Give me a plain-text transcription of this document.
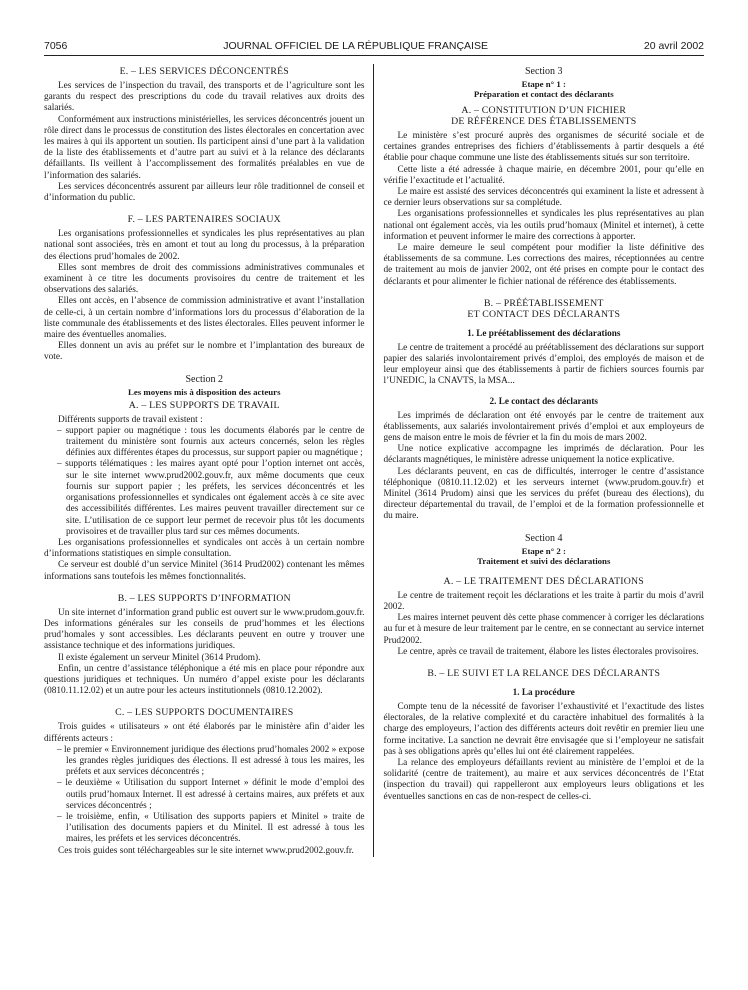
7056	JOURNAL OFFICIEL DE LA RÉPUBLIQUE FRANÇAISE	20 avril 2002
E. – LES SERVICES DÉCONCENTRÉS

Les services de l’inspection du travail, des transports et de l’agriculture sont les garants du respect des prescriptions du code du travail relatives aux droits des salariés.

Conformément aux instructions ministérielles, les services déconcentrés jouent un rôle direct dans le processus de constitution des listes électorales en concertation avec les maires à qui ils apportent un soutien. Ils participent ainsi d’une part à la validation de la liste des établissements et d’autre part au suivi et à la relance des déclarants défaillants. Ils veillent à l’accomplissement des formalités préalables en vue de l’information des salariés.

Les services déconcentrés assurent par ailleurs leur rôle traditionnel de conseil et d’information du public.

F. – LES PARTENAIRES SOCIAUX

Les organisations professionnelles et syndicales les plus représentatives au plan national sont associées, très en amont et tout au long du processus, à la préparation des élections prud’homales de 2002.

Elles sont membres de droit des commissions administratives communales et examinent à ce titre les documents provisoires du centre de traitement et les observations des salariés.

Elles ont accès, en l’absence de commission administrative et avant l’installation de celle-ci, à un certain nombre d’informations lors du processus d’élaboration de la liste communale des établissements et des listes électorales. Elles peuvent informer le maire des éventuelles anomalies.

Elles donnent un avis au préfet sur le nombre et l’implantation des bureaux de vote.

Section 2
Les moyens mis à disposition des acteurs
A. – LES SUPPORTS DE TRAVAIL

Différents supports de travail existent :

– support papier ou magnétique : tous les documents élaborés par le centre de traitement du ministère sont fournis aux acteurs concernés, selon les règles définies aux différentes étapes du processus, sur support papier ou magnétique ;
– supports télématiques : les maires ayant opté pour l’option internet ont accès, sur le site internet www.prud2002.gouv.fr, aux même documents que ceux fournis sur support papier ; les préfets, les services déconcentrés et les organisations professionnelles et syndicales ont également accès à ce site avec des accessibilités différentes. Les maires peuvent travailler directement sur ce site. L’utilisation de ce support leur permet de recevoir plus tôt les documents provisoires et de travailler plus tard sur ces mêmes documents.

Les organisations professionnelles et syndicales ont accès à un certain nombre d’informations statistiques en simple consultation.

Ce serveur est doublé d’un service Minitel (3614 Prud2002) contenant les mêmes informations sans toutefois les mêmes fonctionnalités.

B. – LES SUPPORTS D’INFORMATION

Un site internet d’information grand public est ouvert sur le www.prudom.gouv.fr. Des informations générales sur les conseils de prud’hommes et les élections prud’homales y sont accessibles. Les déclarants peuvent en outre y trouver une assistance technique et des informations juridiques.

Il existe également un serveur Minitel (3614 Prudom).

Enfin, un centre d’assistance téléphonique a été mis en place pour répondre aux questions juridiques et techniques. Un numéro d’appel existe pour les déclarants (0810.11.12.02) et un autre pour les acteurs institutionnels (0810.12.2002).

C. – LES SUPPORTS DOCUMENTAIRES

Trois guides « utilisateurs » ont été élaborés par le ministère afin d’aider les différents acteurs :

– le premier « Environnement juridique des élections prud’homales 2002 » expose les grandes règles juridiques des élections. Il est adressé à tous les maires, les préfets et aux services déconcentrés ;
– le deuxième « Utilisation du support Internet » définit le mode d’emploi des outils prud’homaux Internet. Il est adressé à certains maires, aux préfets et aux services déconcentrés ;
– le troisième, enfin, « Utilisation des supports papiers et Minitel » traite de l’utilisation des documents papiers et du Minitel. Il est adressé à tous les maires, les préfets et les services déconcentrés.

Ces trois guides sont téléchargeables sur le site internet www.prud2002.gouv.fr.

Section 3
Etape n° 1 :
Préparation et contact des déclarants
A. – CONSTITUTION D’UN FICHIER
DE RÉFÉRENCE DES ÉTABLISSEMENTS

Le ministère s’est procuré auprès des organismes de sécurité sociale et de certaines grandes entreprises des fichiers d’établissements à partir desquels a été établie pour chaque commune une liste des établissements situés sur son territoire.

Cette liste a été adressée à chaque mairie, en décembre 2001, pour qu’elle en vérifie l’exactitude et l’actualité.

Le maire est assisté des services déconcentrés qui examinent la liste et adressent à ce dernier leurs observations sur sa complétude.

Les organisations professionnelles et syndicales les plus représentatives au plan national ont également accès, via les outils prud’homaux (Minitel et internet), à cette information et peuvent informer le maire des corrections à apporter.

Le maire demeure le seul compétent pour modifier la liste définitive des établissements de sa commune. Les corrections des maires, réceptionnées au centre de traitement au mois de janvier 2002, ont été prises en compte pour le contact des déclarants et pour alimenter le fichier national de référence des établissements.

B. – PRÉÉTABLISSEMENT
ET CONTACT DES DÉCLARANTS
1. Le préétablissement des déclarations

Le centre de traitement a procédé au préétablissement des déclarations sur support papier des salariés involontairement privés d’emploi, des employés de maison et de leur employeur ainsi que des établissements à partir de fichiers sources fournis par l’UNEDIC, la CNAVTS, la MSA...

2. Le contact des déclarants

Les imprimés de déclaration ont été envoyés par le centre de traitement aux établissements, aux salariés involontairement privés d’emploi et aux employeurs de gens de maison entre le mois de février et la fin du mois de mars 2002.

Une notice explicative accompagne les imprimés de déclaration. Pour les déclarants magnétiques, le ministère adresse uniquement la notice explicative.

Les déclarants peuvent, en cas de difficultés, interroger le centre d’assistance téléphonique (0810.11.12.02) et les serveurs internet (www.prudom.gouv.fr) et Minitel (3614 Prudom) ainsi que les services du préfet (bureau des élections), du directeur départemental du travail, de l’emploi et de la formation professionnelle et du maire.

Section 4
Etape n° 2 :
Traitement et suivi des déclarations
A. – LE TRAITEMENT DES DÉCLARATIONS

Le centre de traitement reçoit les déclarations et les traite à partir du mois d’avril 2002.

Les maires internet peuvent dès cette phase commencer à corriger les déclarations au fur et à mesure de leur traitement par le centre, en se connectant au service internet Prud2002.

Le centre, après ce travail de traitement, élabore les listes électorales provisoires.

B. – LE SUIVI ET LA RELANCE DES DÉCLARANTS
1. La procédure

Compte tenu de la nécessité de favoriser l’exhaustivité et l’exactitude des listes électorales, de la relative complexité et du caractère inhabituel des formalités à la charge des employeurs, l’action des différents acteurs doit revêtir en premier lieu une forme incitative. La sanction ne devrait être envisagée que si l’employeur ne satisfait pas à ses obligations après qu’elles lui ont été clairement rappelées.

La relance des employeurs défaillants revient au ministère de l’emploi et de la solidarité (centre de traitement), au maire et aux services déconcentrés de l’Etat (inspection du travail) qui rappelleront aux employeurs leurs obligations et les éventuelles sanctions en cas de non-respect de celles-ci.
